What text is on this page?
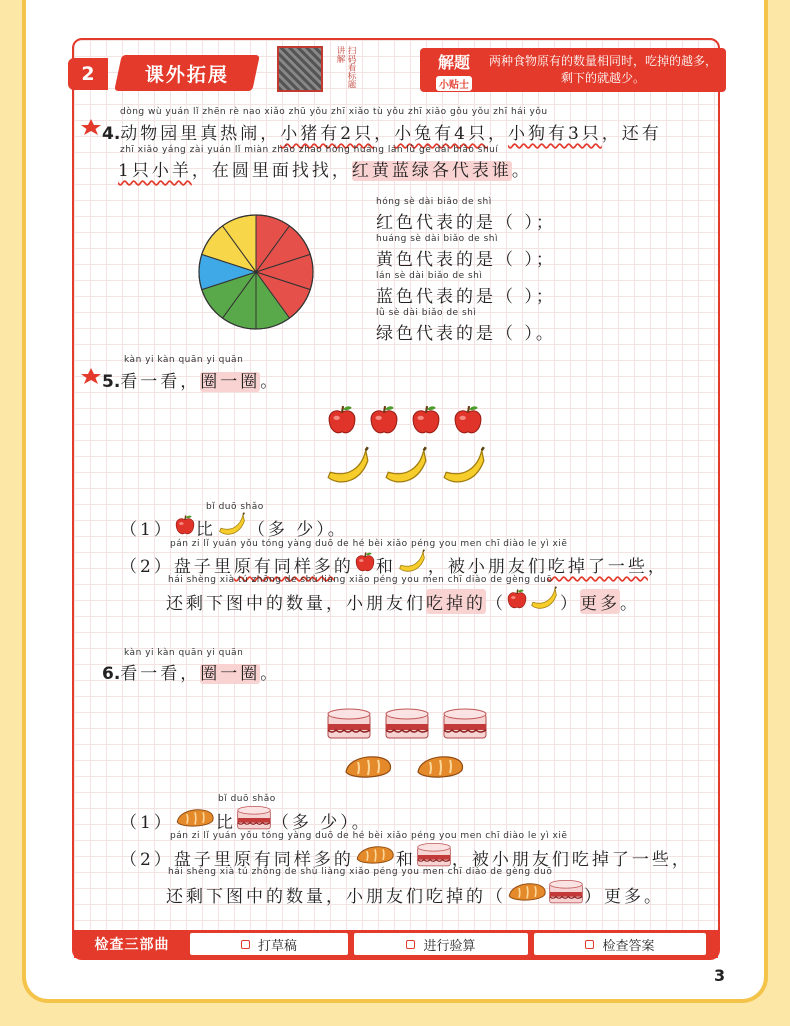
2	课外拓展	扫码看标题讲解	解题
小贴士
两种食物原有的数量相同时，吃掉的越多，剩下的就越少。
dòng wù yuán lǐ zhēn rè nao xiǎo zhū yǒu zhī xiǎo tù yǒu zhī xiǎo gǒu yǒu zhī hái yǒu
4.动物园里真热闹，小猪有2只，小兔有4只，小狗有3只，还有
zhī xiǎo yáng zài yuán lǐ miàn zhǎo zhao hóng huáng lán lǜ gè dài biǎo shuí
1只小羊，在圆里面找找，红黄蓝绿各代表谁。
hóng sè dài biǎo de shì
红色代表的是（ ）；
huáng sè dài biǎo de shì
黄色代表的是（ ）；
lán sè dài biǎo de shì
蓝色代表的是（ ）；
lǜ sè dài biǎo de shì
绿色代表的是（ ）。
kàn yi kàn quān yi quān
5.看一看，圈一圈。
bǐ duō shǎo
（1） 比 （多 少）。
pán zi lǐ yuán yǒu tóng yàng duō de hé bèi xiǎo péng you men chī diào le yì xiē
（2） 盘子里 原有同样多 的 和 ，被小朋友们 吃掉了一些 ，
hái shèng xià tú zhōng de shù liàng xiǎo péng you men chī diào de gèng duō
还剩下图中的数量，小朋友们 吃掉的 （	） 更多 。
kàn yi kàn quān yi quān
6.看一看，圈一圈。
bǐ duō shǎo
（1） 比 （多 少）。
pán zi lǐ yuán yǒu tóng yàng duō de hé bèi xiǎo péng you men chī diào le yì xiē
（2） 盘子里原有同样多的 和 ，被小朋友们吃掉了一些，
hái shèng xià tú zhōng de shù liàng xiǎo péng you men chī diào de gèng duō
还剩下图中的数量，小朋友们吃掉的（	）更多。
检查三部曲	打草稿	进行验算	检查答案
3
